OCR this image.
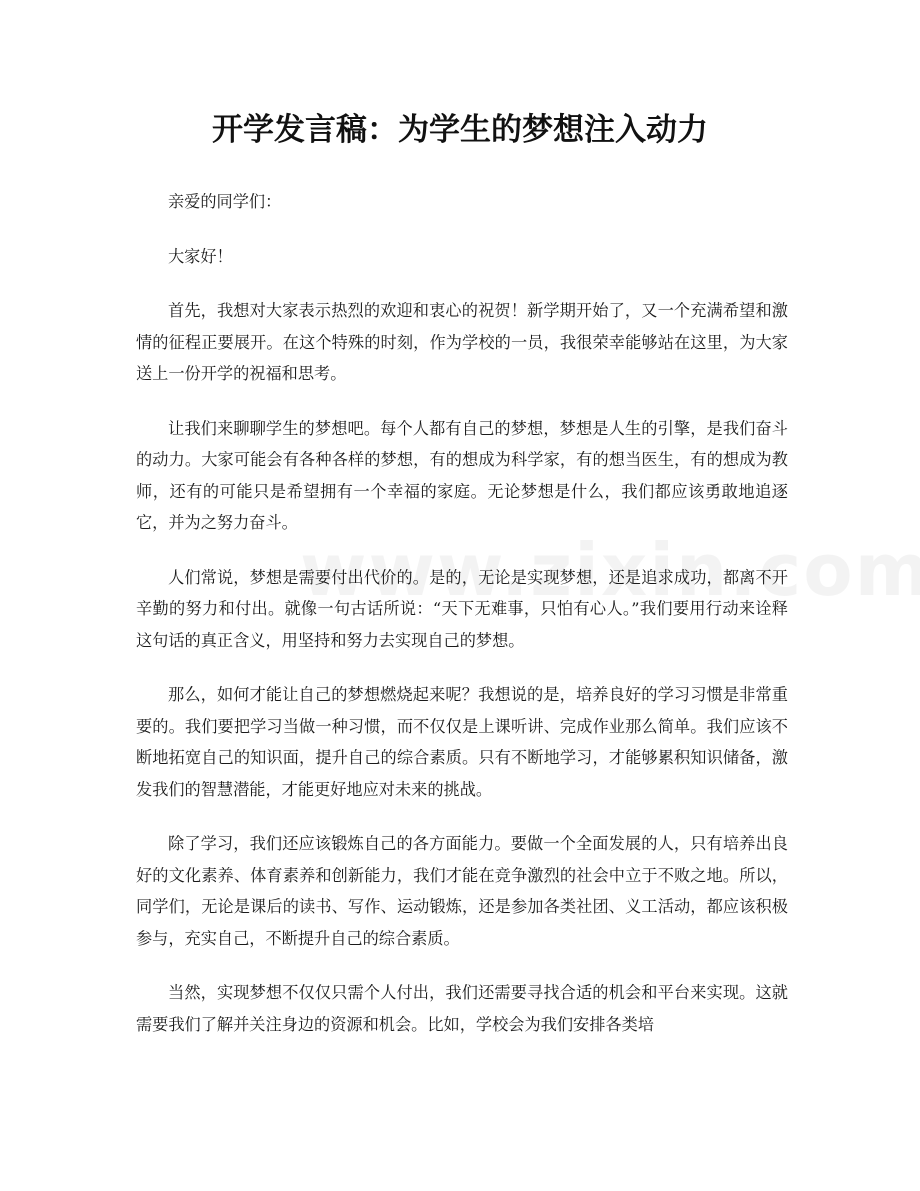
开学发言稿：为学生的梦想注入动力

亲爱的同学们：

大家好！

首先，我想对大家表示热烈的欢迎和衷心的祝贺！新学期开始了，又一个充满希望和激情的征程正要展开。在这个特殊的时刻，作为学校的一员，我很荣幸能够站在这里，为大家送上一份开学的祝福和思考。

让我们来聊聊学生的梦想吧。每个人都有自己的梦想，梦想是人生的引擎，是我们奋斗的动力。大家可能会有各种各样的梦想，有的想成为科学家，有的想当医生，有的想成为教师，还有的可能只是希望拥有一个幸福的家庭。无论梦想是什么，我们都应该勇敢地追逐它，并为之努力奋斗。

人们常说，梦想是需要付出代价的。是的，无论是实现梦想，还是追求成功，都离不开辛勤的努力和付出。就像一句古话所说：“天下无难事，只怕有心人。”我们要用行动来诠释这句话的真正含义，用坚持和努力去实现自己的梦想。

那么，如何才能让自己的梦想燃烧起来呢？我想说的是，培养良好的学习习惯是非常重要的。我们要把学习当做一种习惯，而不仅仅是上课听讲、完成作业那么简单。我们应该不断地拓宽自己的知识面，提升自己的综合素质。只有不断地学习，才能够累积知识储备，激发我们的智慧潜能，才能更好地应对未来的挑战。

除了学习，我们还应该锻炼自己的各方面能力。要做一个全面发展的人，只有培养出良好的文化素养、体育素养和创新能力，我们才能在竞争激烈的社会中立于不败之地。所以，同学们，无论是课后的读书、写作、运动锻炼，还是参加各类社团、义工活动，都应该积极参与，充实自己，不断提升自己的综合素质。

当然，实现梦想不仅仅只需个人付出，我们还需要寻找合适的机会和平台来实现。这就需要我们了解并关注身边的资源和机会。比如，学校会为我们安排各类培
